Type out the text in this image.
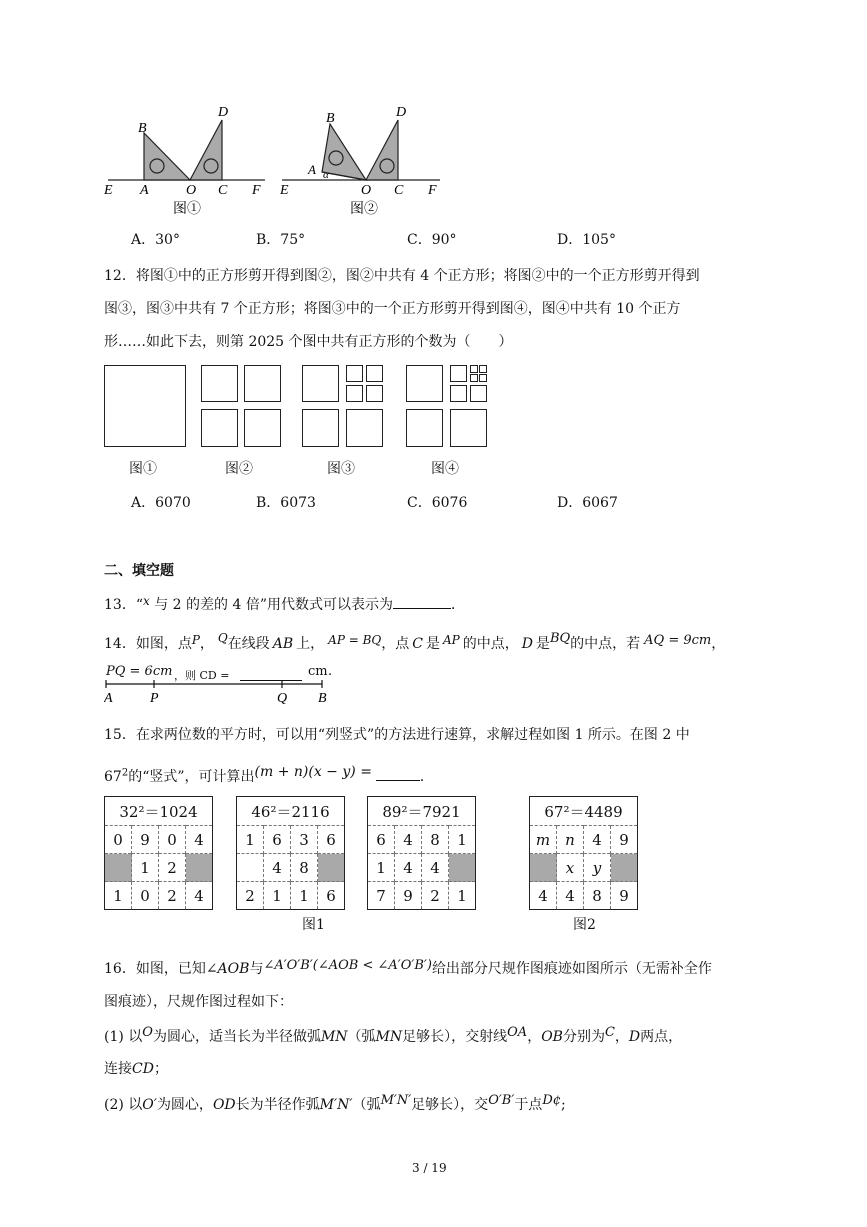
B
D
E A	O C F
图①
B	D
A α
E	O C F
图②
A．30°	B．75°	C．90°	D．105°
12．将图①中的正方形剪开得到图②，图②中共有 4 个正方形；将图②中的一个正方形剪开得到
图③，图③中共有 7 个正方形；将图③中的一个正方形剪开得到图④，图④中共有 10 个正方
形……如此下去，则第 2025 个图中共有正方形的个数为（　　）
图①	图②	图③	图④
A．6070	B．6073	C．6076	D．6067
二、填空题
13．“x 与 2 的差的 4 倍”用代数式可以表示为	．
14．如图，点P， Q在线段 AB 上， AP = BQ，点 C 是 AP 的中点， D 是BQ的中点，若 AQ = 9cm，
PQ = 6cm ，则 CD =	cm .
A	P	Q B
15．在求两位数的平方时，可以用“列竖式”的方法进行速算，求解过程如图 1 所示。在图 2 中
$67^2$的“竖式”，可计算出(m + n)(x − y) =	．
32²＝1024			
0	9	0	4
	1	2	
1	0	2	4
46²＝2116			
1	6	3	6
	4	8	
2	1	1	6
89²＝7921			
6	4	8	1
1	4	4	
7	9	2	1
67²＝4489			
m	n	4	9
	x	y	
4	4	8	9
图1	图2
16．如图，已知∠AOB与∠A′O′B′(∠AOB < ∠A′O′B′)给出部分尺规作图痕迹如图所示（无需补全作
图痕迹），尺规作图过程如下：
(1) 以O为圆心，适当长为半径做弧MN（弧MN足够长），交射线OA，OB分别为C，D两点，
连接CD；
(2) 以O′为圆心，OD长为半径作弧M′N′（弧M′N′足够长），交O′B′于点D¢;
3 / 19
